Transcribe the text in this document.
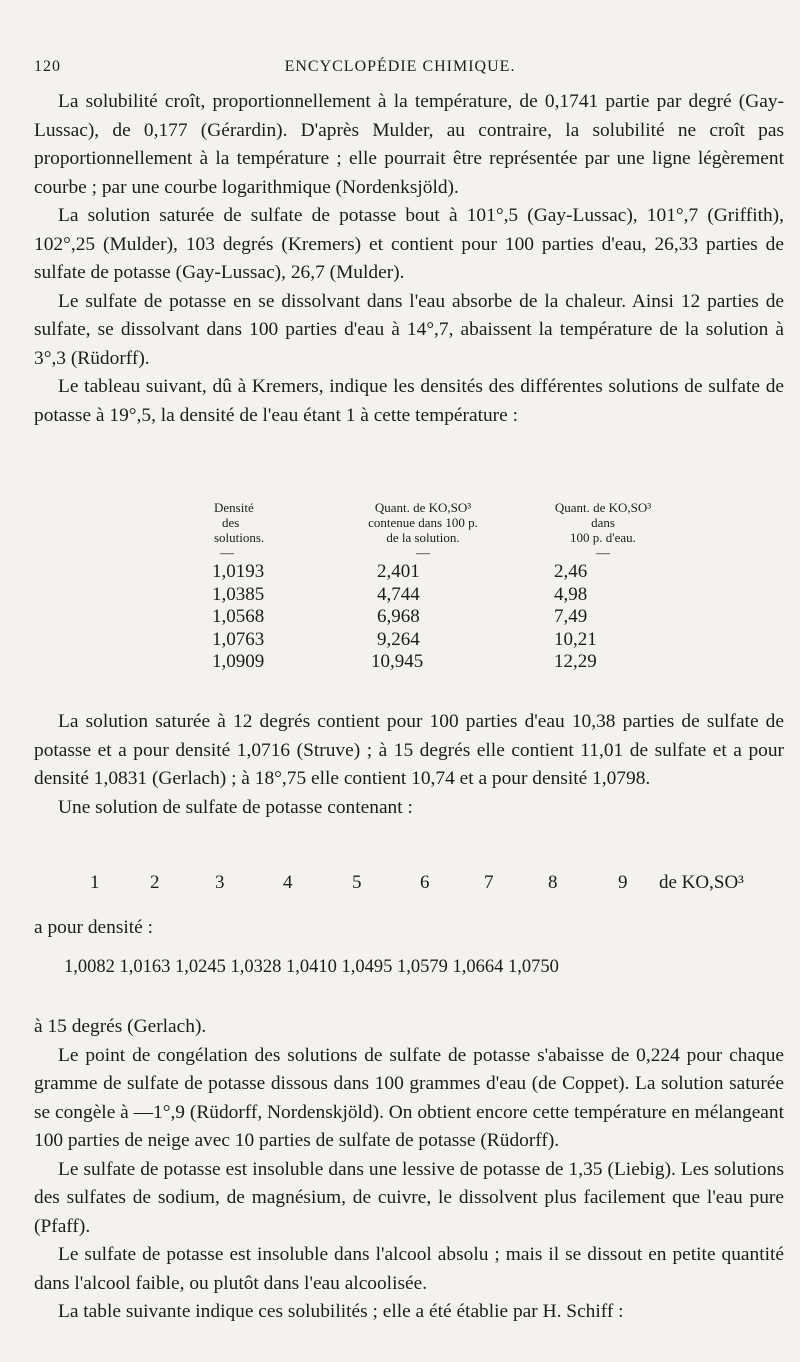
120	ENCYCLOPÉDIE CHIMIQUE.

La solubilité croît, proportionnellement à la température, de 0,1741 partie par degré (Gay-Lussac), de 0,177 (Gérardin). D'après Mulder, au contraire, la solubilité ne croît pas proportionnellement à la température ; elle pourrait être représentée par une ligne légèrement courbe ; par une courbe logarithmique (Nordenksjöld).

La solution saturée de sulfate de potasse bout à 101°,5 (Gay-Lussac), 101°,7 (Griffith), 102°,25 (Mulder), 103 degrés (Kremers) et contient pour 100 parties d'eau, 26,33 parties de sulfate de potasse (Gay-Lussac), 26,7 (Mulder).

Le sulfate de potasse en se dissolvant dans l'eau absorbe de la chaleur. Ainsi 12 parties de sulfate, se dissolvant dans 100 parties d'eau à 14°,7, abaissent la température de la solution à 3°,3 (Rüdorff).

Le tableau suivant, dû à Kremers, indique les densités des différentes solutions de sulfate de potasse à 19°,5, la densité de l'eau étant 1 à cette température :

Densité
des
solutions.
Quant. de KO,SO³
contenue dans 100 p.
de la solution.
Quant. de KO,SO³
dans
100 p. d'eau.
—	—	—
1,0193	2,401	2,46
1,0385	4,744	4,98
1,0568	6,968	7,49
1,0763	9,264	10,21
1,0909	10,945	12,29

La solution saturée à 12 degrés contient pour 100 parties d'eau 10,38 parties de sulfate de potasse et a pour densité 1,0716 (Struve) ; à 15 degrés elle contient 11,01 de sulfate et a pour densité 1,0831 (Gerlach) ; à 18°,75 elle contient 10,74 et a pour densité 1,0798.

Une solution de sulfate de potasse contenant :

1	2	3	4	5	6	7	8	9 de KO,SO³

a pour densité :

1,0082 1,0163 1,0245 1,0328 1,0410 1,0495 1,0579 1,0664 1,0750

à 15 degrés (Gerlach).

Le point de congélation des solutions de sulfate de potasse s'abaisse de 0,224 pour chaque gramme de sulfate de potasse dissous dans 100 grammes d'eau (de Coppet). La solution saturée se congèle à —1°,9 (Rüdorff, Nordenskjöld). On obtient encore cette température en mélangeant 100 parties de neige avec 10 parties de sulfate de potasse (Rüdorff).

Le sulfate de potasse est insoluble dans une lessive de potasse de 1,35 (Liebig). Les solutions des sulfates de sodium, de magnésium, de cuivre, le dissolvent plus facilement que l'eau pure (Pfaff).

Le sulfate de potasse est insoluble dans l'alcool absolu ; mais il se dissout en petite quantité dans l'alcool faible, ou plutôt dans l'eau alcoolisée.

La table suivante indique ces solubilités ; elle a été établie par H. Schiff :
